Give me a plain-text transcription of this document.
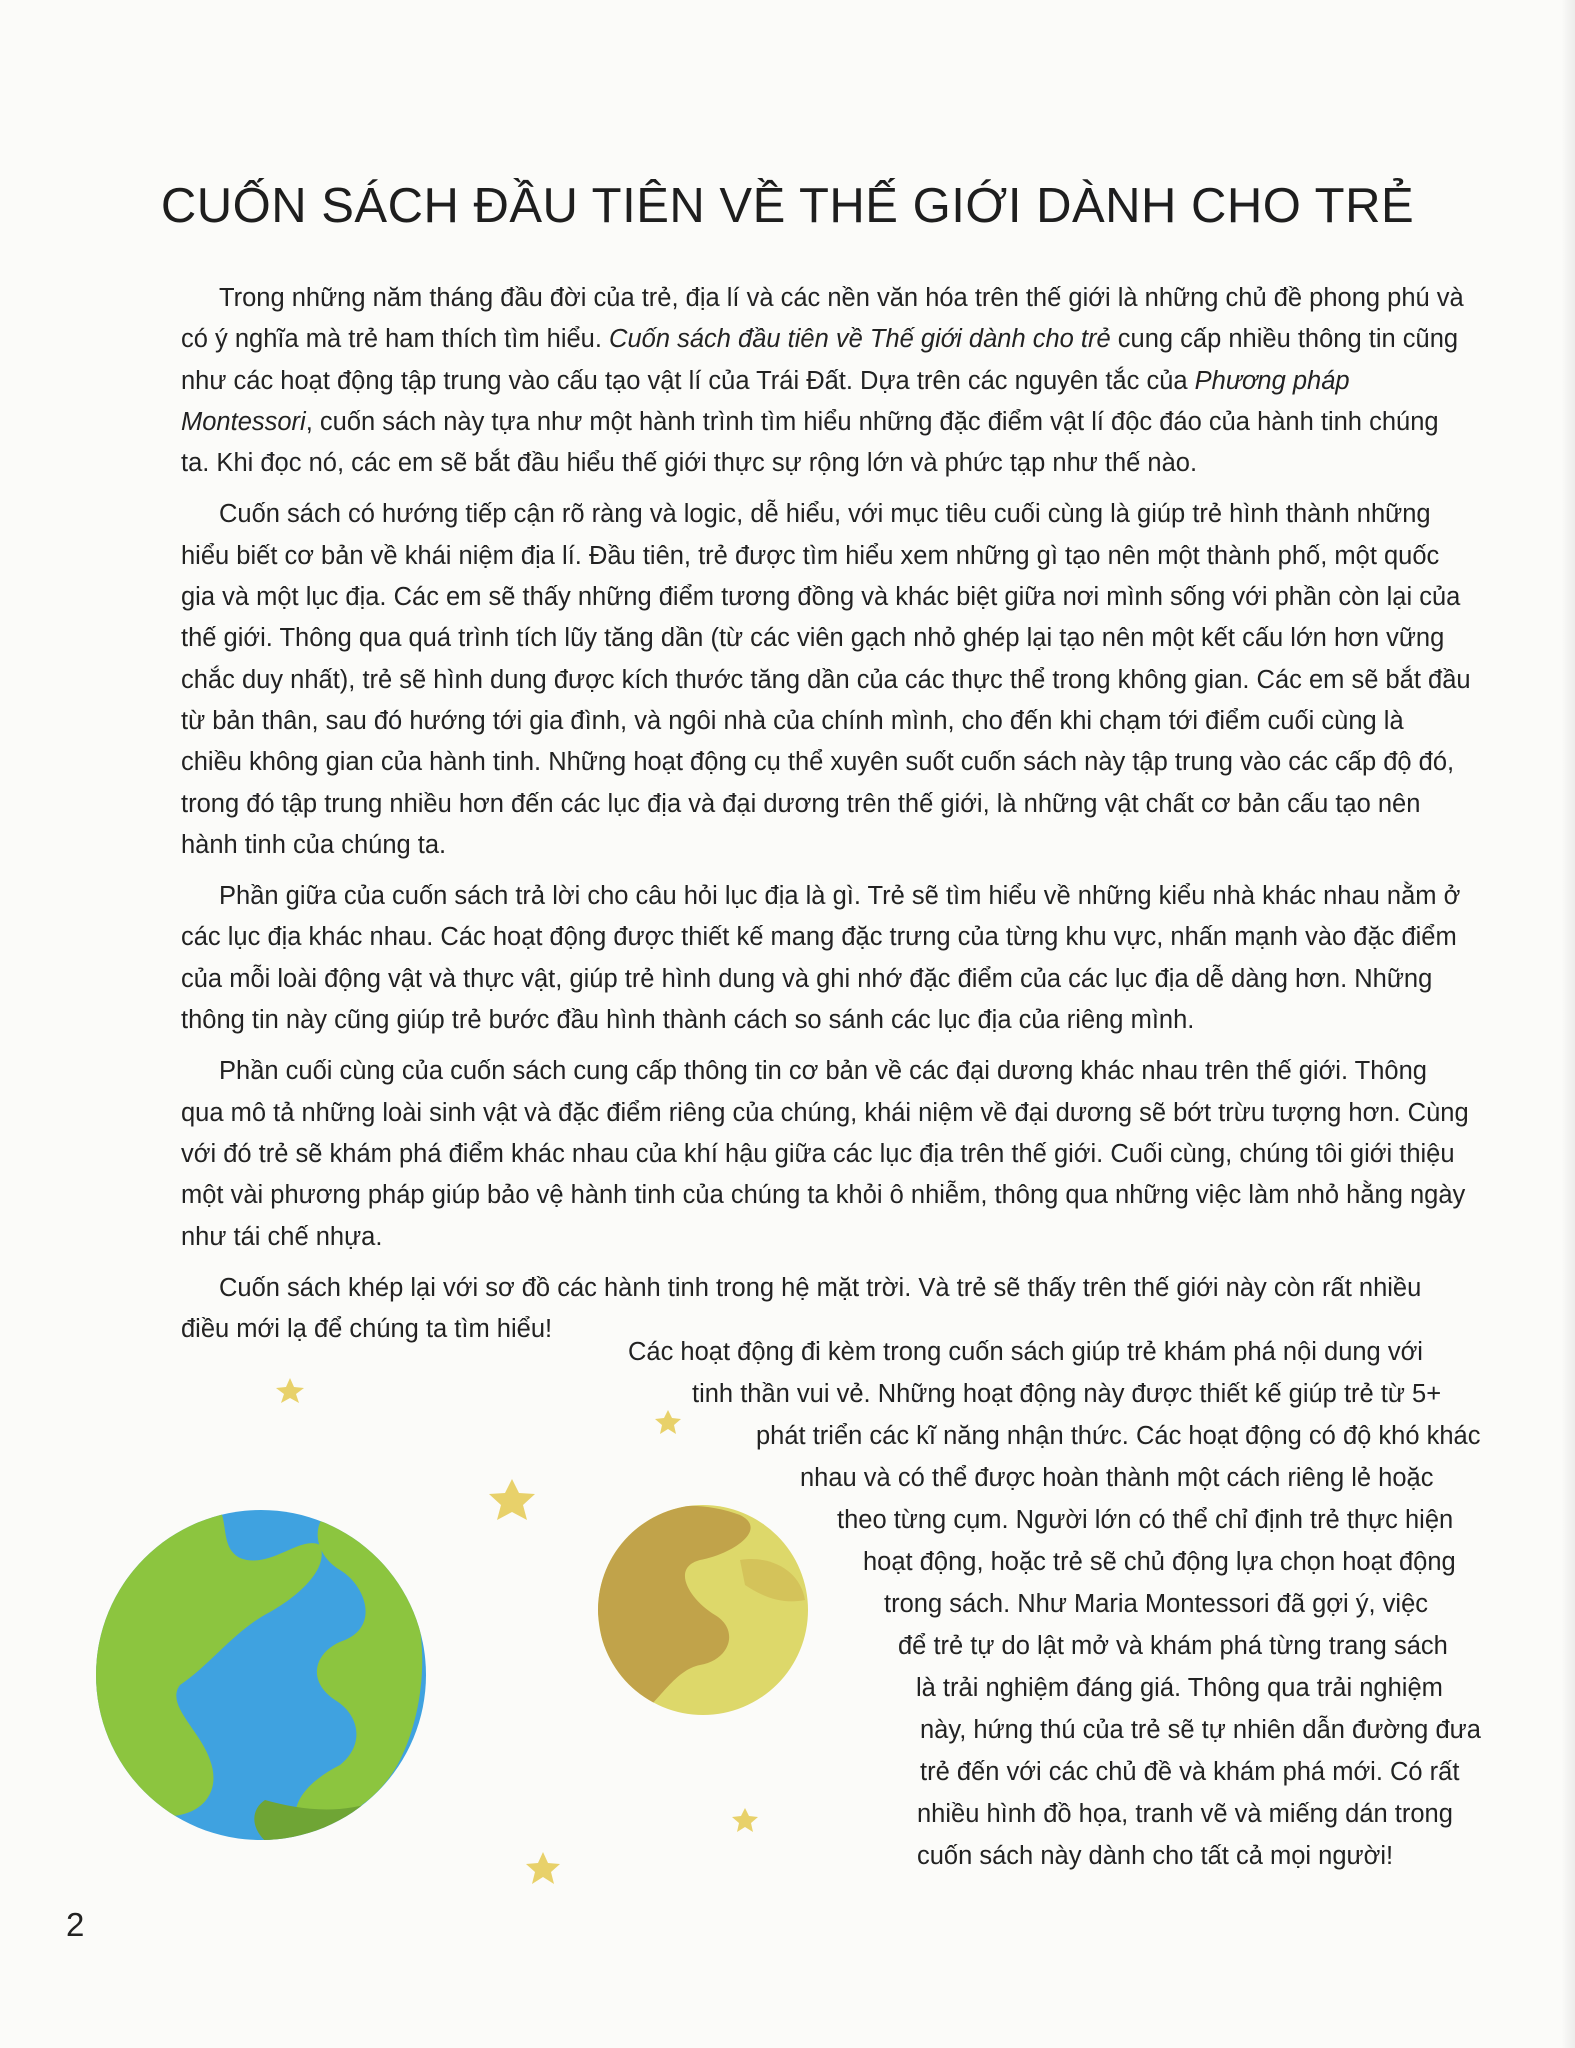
CUỐN SÁCH ĐẦU TIÊN VỀ THẾ GIỚI DÀNH CHO TRẺ

Trong những năm tháng đầu đời của trẻ, địa lí và các nền văn hóa trên thế giới là những chủ đề phong phú và có ý nghĩa mà trẻ ham thích tìm hiểu. Cuốn sách đầu tiên về Thế giới dành cho trẻ cung cấp nhiều thông tin cũng như các hoạt động tập trung vào cấu tạo vật lí của Trái Đất. Dựa trên các nguyên tắc của Phương pháp Montessori, cuốn sách này tựa như một hành trình tìm hiểu những đặc điểm vật lí độc đáo của hành tinh chúng ta. Khi đọc nó, các em sẽ bắt đầu hiểu thế giới thực sự rộng lớn và phức tạp như thế nào.

Cuốn sách có hướng tiếp cận rõ ràng và logic, dễ hiểu, với mục tiêu cuối cùng là giúp trẻ hình thành những hiểu biết cơ bản về khái niệm địa lí. Đầu tiên, trẻ được tìm hiểu xem những gì tạo nên một thành phố, một quốc gia và một lục địa. Các em sẽ thấy những điểm tương đồng và khác biệt giữa nơi mình sống với phần còn lại của thế giới. Thông qua quá trình tích lũy tăng dần (từ các viên gạch nhỏ ghép lại tạo nên một kết cấu lớn hơn vững chắc duy nhất), trẻ sẽ hình dung được kích thước tăng dần của các thực thể trong không gian. Các em sẽ bắt đầu từ bản thân, sau đó hướng tới gia đình, và ngôi nhà của chính mình, cho đến khi chạm tới điểm cuối cùng là chiều không gian của hành tinh. Những hoạt động cụ thể xuyên suốt cuốn sách này tập trung vào các cấp độ đó, trong đó tập trung nhiều hơn đến các lục địa và đại dương trên thế giới, là những vật chất cơ bản cấu tạo nên hành tinh của chúng ta.

Phần giữa của cuốn sách trả lời cho câu hỏi lục địa là gì. Trẻ sẽ tìm hiểu về những kiểu nhà khác nhau nằm ở các lục địa khác nhau. Các hoạt động được thiết kế mang đặc trưng của từng khu vực, nhấn mạnh vào đặc điểm của mỗi loài động vật và thực vật, giúp trẻ hình dung và ghi nhớ đặc điểm của các lục địa dễ dàng hơn. Những thông tin này cũng giúp trẻ bước đầu hình thành cách so sánh các lục địa của riêng mình.

Phần cuối cùng của cuốn sách cung cấp thông tin cơ bản về các đại dương khác nhau trên thế giới. Thông qua mô tả những loài sinh vật và đặc điểm riêng của chúng, khái niệm về đại dương sẽ bớt trừu tượng hơn. Cùng với đó trẻ sẽ khám phá điểm khác nhau của khí hậu giữa các lục địa trên thế giới. Cuối cùng, chúng tôi giới thiệu một vài phương pháp giúp bảo vệ hành tinh của chúng ta khỏi ô nhiễm, thông qua những việc làm nhỏ hằng ngày như tái chế nhựa.

Cuốn sách khép lại với sơ đồ các hành tinh trong hệ mặt trời. Và trẻ sẽ thấy trên thế giới này còn rất nhiều điều mới lạ để chúng ta tìm hiểu!

Các hoạt động đi kèm trong cuốn sách giúp trẻ khám phá nội dung với
tinh thần vui vẻ. Những hoạt động này được thiết kế giúp trẻ từ 5+
phát triển các kĩ năng nhận thức. Các hoạt động có độ khó khác
nhau và có thể được hoàn thành một cách riêng lẻ hoặc
theo từng cụm. Người lớn có thể chỉ định trẻ thực hiện
hoạt động, hoặc trẻ sẽ chủ động lựa chọn hoạt động
trong sách. Như Maria Montessori đã gợi ý, việc
để trẻ tự do lật mở và khám phá từng trang sách
là trải nghiệm đáng giá. Thông qua trải nghiệm
này, hứng thú của trẻ sẽ tự nhiên dẫn đường đưa
trẻ đến với các chủ đề và khám phá mới. Có rất
nhiều hình đồ họa, tranh vẽ và miếng dán trong
cuốn sách này dành cho tất cả mọi người!
2
